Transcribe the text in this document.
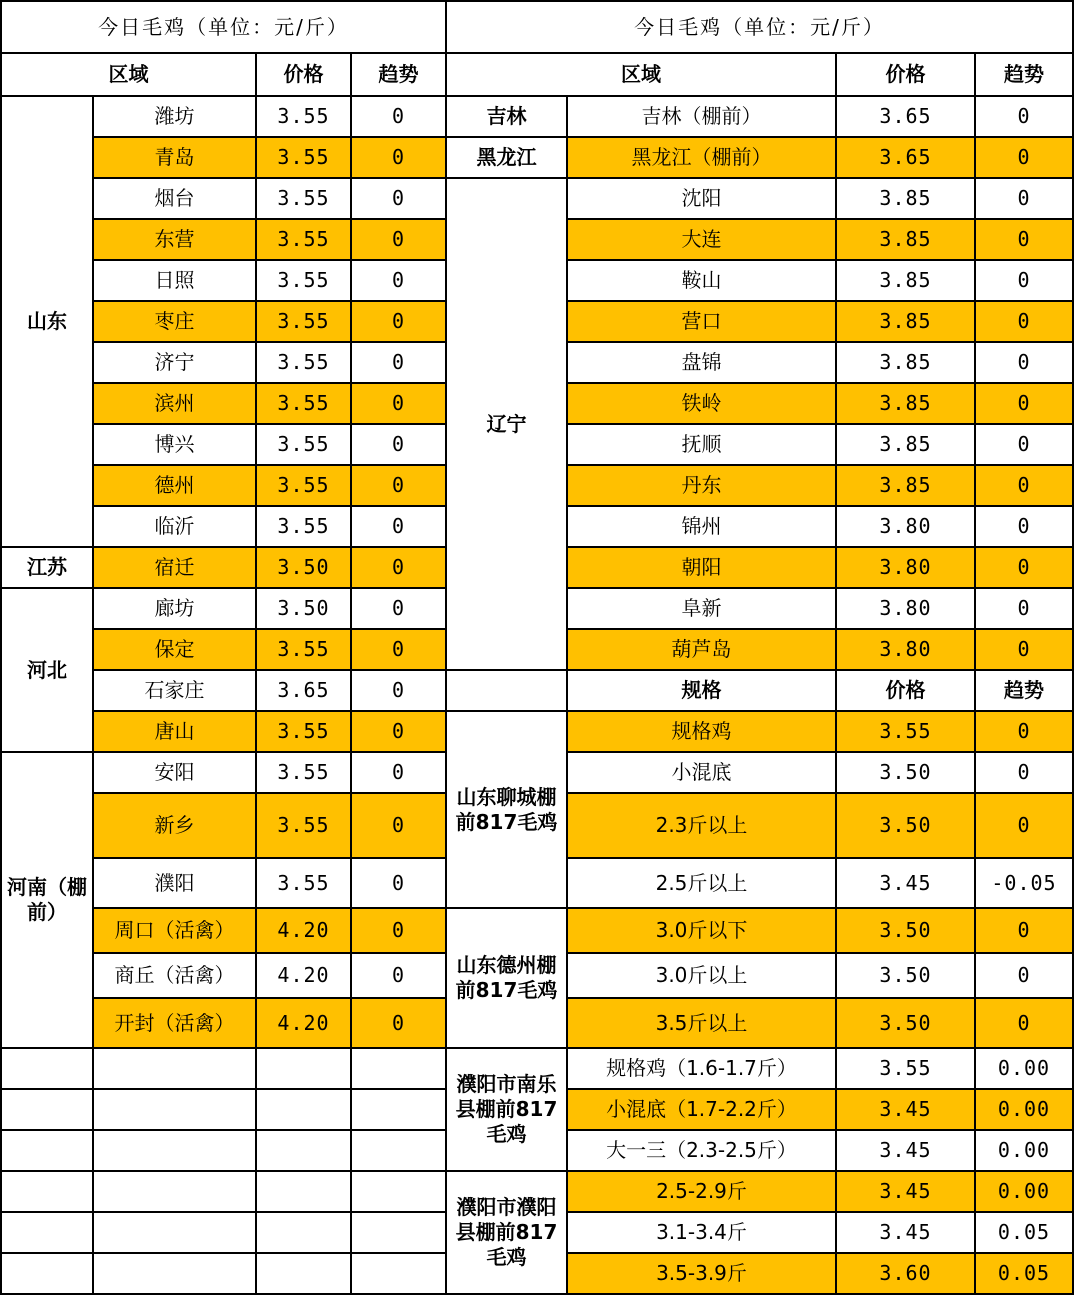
今日毛鸡（单位：元/斤）				今日毛鸡（单位：元/斤）			
区域		价格	趋势	区域		价格	趋势
山东	潍坊	3.55	0	吉林	吉林（棚前）	3.65	0
	青岛	3.55	0	黑龙江	黑龙江（棚前）	3.65	0
	烟台	3.55	0	辽宁	沈阳	3.85	0
	东营	3.55	0		大连	3.85	0
	日照	3.55	0		鞍山	3.85	0
	枣庄	3.55	0		营口	3.85	0
	济宁	3.55	0		盘锦	3.85	0
	滨州	3.55	0		铁岭	3.85	0
	博兴	3.55	0		抚顺	3.85	0
	德州	3.55	0		丹东	3.85	0
	临沂	3.55	0		锦州	3.80	0
江苏	宿迁	3.50	0		朝阳	3.80	0
河北	廊坊	3.50	0		阜新	3.80	0
	保定	3.55	0		葫芦岛	3.80	0
	石家庄	3.65	0		规格	价格	趋势
	唐山	3.55	0	山东聊城棚前817毛鸡	规格鸡	3.55	0
河南（棚前）	安阳	3.55	0		小混底	3.50	0
	新乡	3.55	0		2.3斤以上	3.50	0
	濮阳	3.55	0		2.5斤以上	3.45	-0.05
	周口（活禽）	4.20	0	山东德州棚前817毛鸡	3.0斤以下	3.50	0
	商丘（活禽）	4.20	0		3.0斤以上	3.50	0
	开封（活禽）	4.20	0		3.5斤以上	3.50	0
				濮阳市南乐县棚前817毛鸡	规格鸡（1.6-1.7斤）	3.55	0.00
					小混底（1.7-2.2斤）	3.45	0.00
					大一三（2.3-2.5斤）	3.45	0.00
				濮阳市濮阳县棚前817毛鸡	2.5-2.9斤	3.45	0.00
					3.1-3.4斤	3.45	0.05
					3.5-3.9斤	3.60	0.05
